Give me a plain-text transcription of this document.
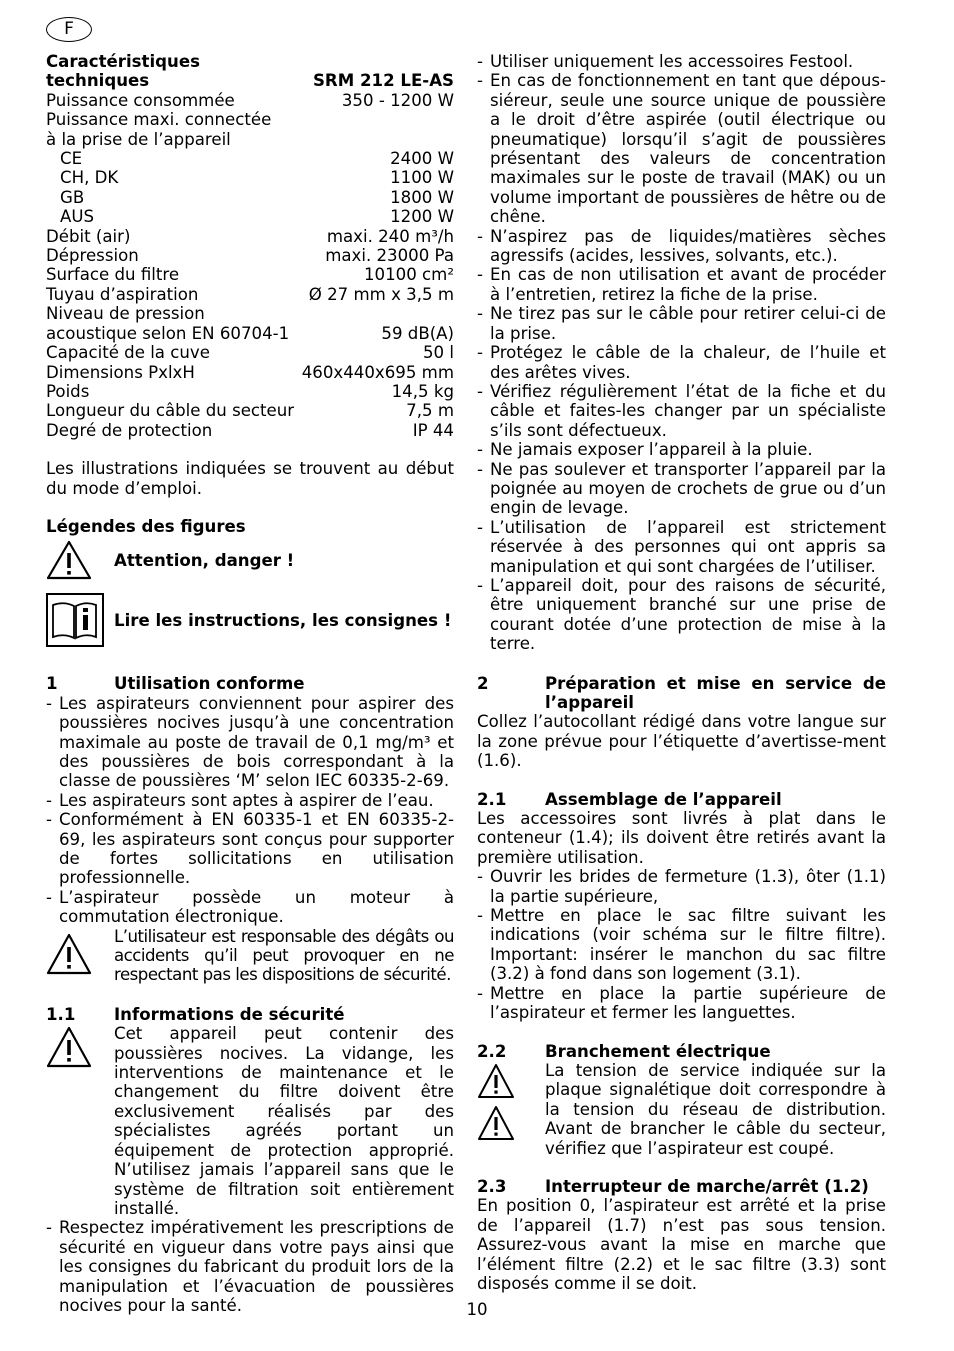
F
Caractéristiques
techniques	SRM 212 LE-AS
Puissance consommée	350 - 1200 W
Puissance maxi. connectée
à la prise de l’appareil
CE	2400 W
CH, DK	1100 W
GB	1800 W
AUS	1200 W
Débit (air)	maxi. 240 m³/h
Dépression	maxi. 23000 Pa
Surface du filtre	10100 cm²
Tuyau d’aspiration	Ø 27 mm x 3,5 m
Niveau de pression
acoustique selon EN 60704-1	59 dB(A)
Capacité de la cuve	50 l
Dimensions PxlxH	460x440x695 mm
Poids	14,5 kg
Longueur du câble du secteur	7,5 m
Degré de protection	IP 44

Les illustrations indiquées se trouvent au début du mode d’emploi.

Légendes des figures
Attention, danger !
Lire les instructions, les consignes !
1	Utilisation conforme
- Les aspirateurs conviennent pour aspirer des poussières nocives jusqu’à une concentration maximale au poste de travail de 0,1 mg/m³ et des poussières de bois correspondant à la classe de poussières ‘M’ selon IEC 60335-2-69.
- Les aspirateurs sont aptes à aspirer de l’eau.
- Conformément à EN 60335-1 et EN 60335-2-69, les aspirateurs sont conçus pour supporter de fortes sollicitations en utilisation professionnelle.
- L’aspirateur possède un moteur à commutation électronique.
L’utilisateur est responsable des dégâts ou accidents qu’il peut provoquer en ne respectant pas les dispositions de sécurité.
1.1	Informations de sécurité
Cet appareil peut contenir des poussières nocives. La vidange, les interventions de maintenance et le changement du filtre doivent être exclusivement réalisés par des spécialistes agréés portant un équipement de protection approprié. N’utilisez jamais l’appareil sans que le système de filtration soit entièrement installé.
- Respectez impérativement les prescriptions de sécurité en vigueur dans votre pays ainsi que les consignes du fabricant du produit lors de la manipulation et l’évacuation de poussières nocives pour la santé.
- Utiliser uniquement les accessoires Festool.
- En cas de fonctionnement en tant que dépous-siéreur, seule une source unique de poussière a le droit d’être aspirée (outil électrique ou pneumatique) lorsqu’il s’agit de poussières présentant des valeurs de concentration maximales sur le poste de travail (MAK) ou un volume important de poussières de hêtre ou de chêne.
- N’aspirez pas de liquides/matières sèches agressifs (acides, lessives, solvants, etc.).
- En cas de non utilisation et avant de procéder à l’entretien, retirez la fiche de la prise.
- Ne tirez pas sur le câble pour retirer celui-ci de la prise.
- Protégez le câble de la chaleur, de l’huile et des arêtes vives.
- Vérifiez régulièrement l’état de la fiche et du câble et faites-les changer par un spécialiste s’ils sont défectueux.
- Ne jamais exposer l’appareil à la pluie.
- Ne pas soulever et transporter l’appareil par la poignée au moyen de crochets de grue ou d’un engin de levage.
- L’utilisation de l’appareil est strictement réservée à des personnes qui ont appris sa manipulation et qui sont chargées de l’utiliser.
- L’appareil doit, pour des raisons de sécurité, être uniquement branché sur une prise de courant dotée d’une protection de mise à la terre.
2	Préparation et mise en service de l’appareil

Collez l’autocollant rédigé dans votre langue sur la zone prévue pour l’étiquette d’avertisse-ment (1.6).

2.1	Assemblage de l’appareil

Les accessoires sont livrés à plat dans le conteneur (1.4); ils doivent être retirés avant la première utilisation.

- Ouvrir les brides de fermeture (1.3), ôter (1.1) la partie supérieure,
- Mettre en place le sac filtre suivant les indications (voir schéma sur le filtre filtre). Important: insérer le manchon du sac filtre (3.2) à fond dans son logement (3.1).
- Mettre en place la partie supérieure de l’aspirateur et fermer les languettes.
2.2	Branchement électrique
La tension de service indiquée sur la plaque signalétique doit correspondre à la tension du réseau de distribution. Avant de brancher le câble du secteur, vérifiez que l’aspirateur est coupé.
2.3	Interrupteur de marche/arrêt (1.2)

En position 0, l’aspirateur est arrêté et la prise de l’appareil (1.7) n’est pas sous tension. Assurez-vous avant la mise en marche que l’élément filtre (2.2) et le sac filtre (3.3) sont disposés comme il se doit.

10
